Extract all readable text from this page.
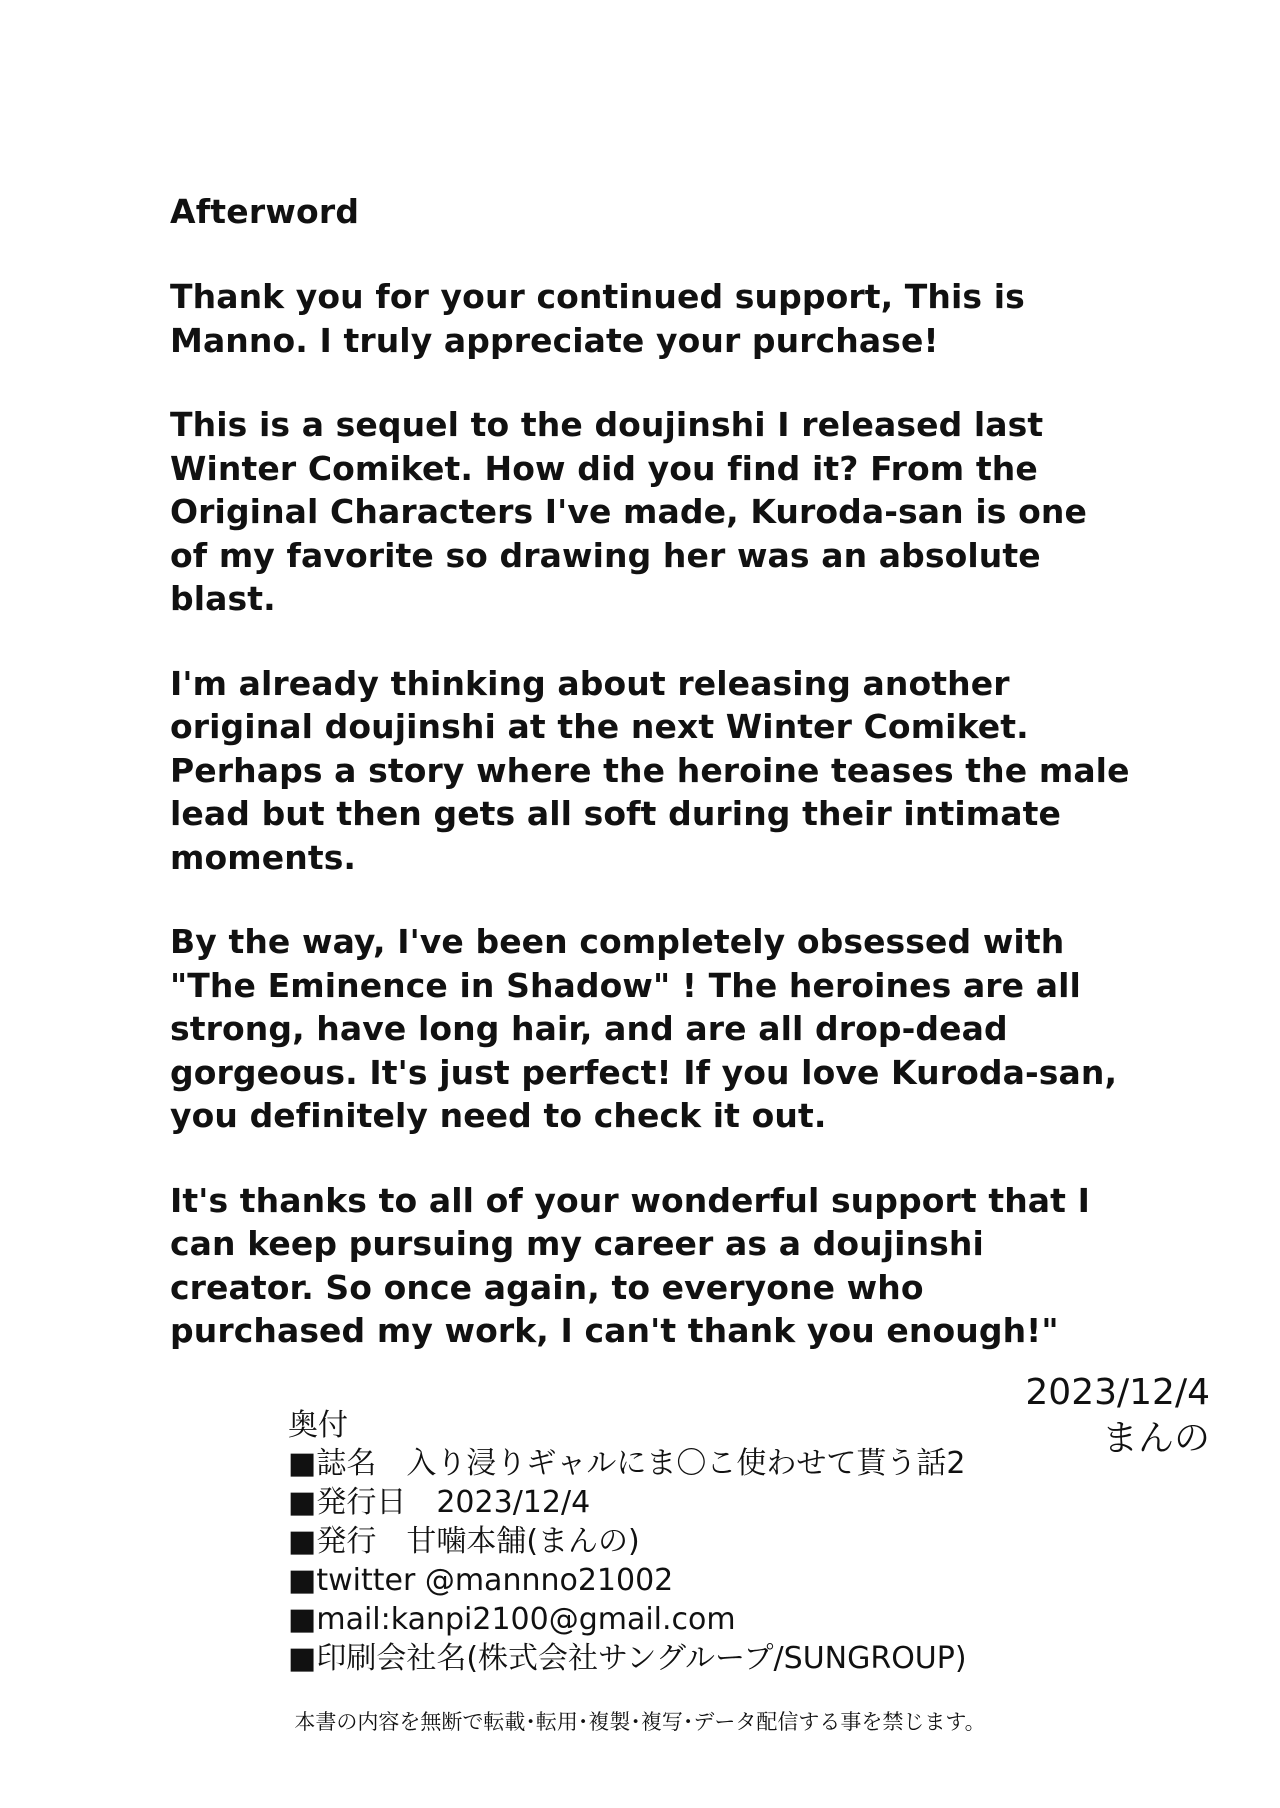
Afterword

Thank you for your continued support, This is Manno. I truly appreciate your purchase!

This is a sequel to the doujinshi I released last Winter Comiket. How did you find it? From the Original Characters I've made, Kuroda-san is one of my favorite so drawing her was an absolute blast.

I'm already thinking about releasing another original doujinshi at the next Winter Comiket. Perhaps a story where the heroine teases the male lead but then gets all soft during their intimate moments.

By the way, I've been completely obsessed with "The Eminence in Shadow" ! The heroines are all strong, have long hair, and are all drop-dead gorgeous. It's just perfect! If you love Kuroda-san, you definitely need to check it out.

It's thanks to all of your wonderful support that I can keep pursuing my career as a doujinshi creator. So once again, to everyone who purchased my work, I can't thank you enough!"

2023/12/4
まんの
奥付
■誌名　入り浸りギャルにま〇こ使わせて貰う話2
■発行日　2023/12/4
■発行　甘噛本舗(まんの)
■twitter @mannno21002
■mail:kanpi2100@gmail.com
■印刷会社名(株式会社サングループ/SUNGROUP)
本書の内容を無断で転載･転用･複製･複写･データ配信する事を禁じます。
